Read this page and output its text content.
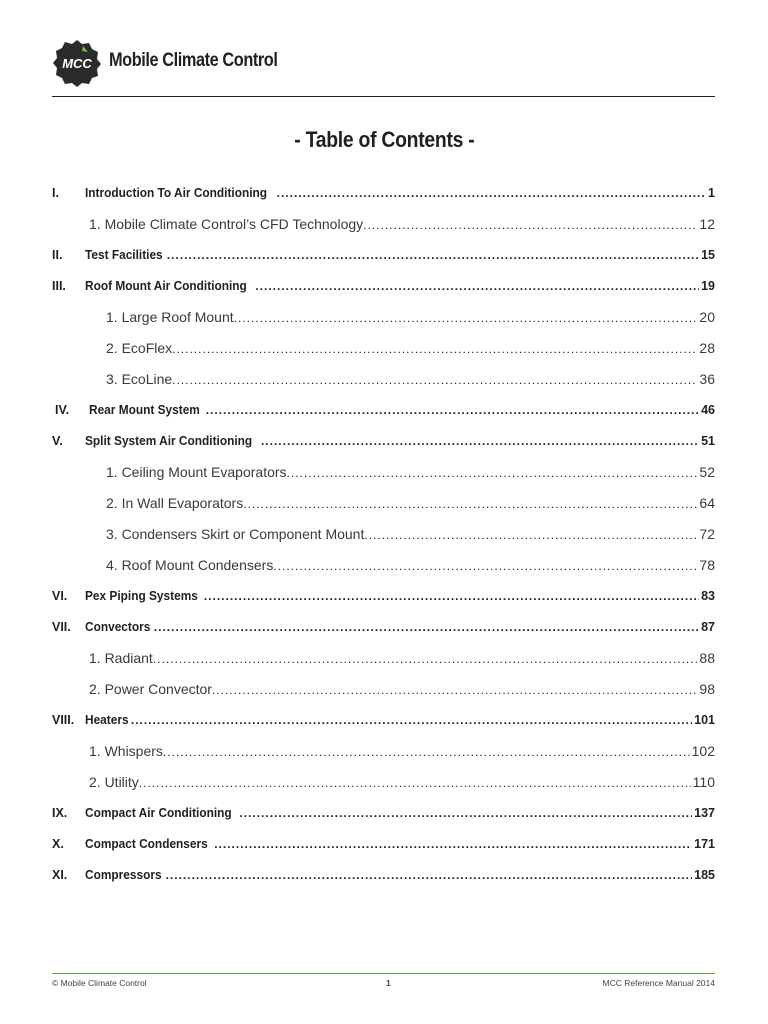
MCC Mobile Climate Control
- Table of Contents -
I.	Introduction To Air Conditioning .....	1
1. Mobile Climate Control’s CFD Technology .....	12
II.	Test Facilities .....	15
III.	Roof Mount Air Conditioning .....	19
1. Large Roof Mount .....	20
2. EcoFlex .....	28
3. EcoLine .....	36
IV.	Rear Mount System .....	46
V.	Split System Air Conditioning .....	51
1. Ceiling Mount Evaporators .....	52
2. In Wall Evaporators .....	64
3. Condensers Skirt or Component Mount .....	72
4. Roof Mount Condensers .....	78
VI.	Pex Piping Systems .....	83
VII.	Convectors .....	87
1. Radiant .....	88
2. Power Convector .....	98
VIII. Heaters .....	101
1. Whispers .....	102
2. Utility .....	110
IX.	Compact Air Conditioning .....	137
X.	Compact Condensers .....	171
XI.	Compressors .....	185
© Mobile Climate Control	1	MCC Reference Manual 2014
